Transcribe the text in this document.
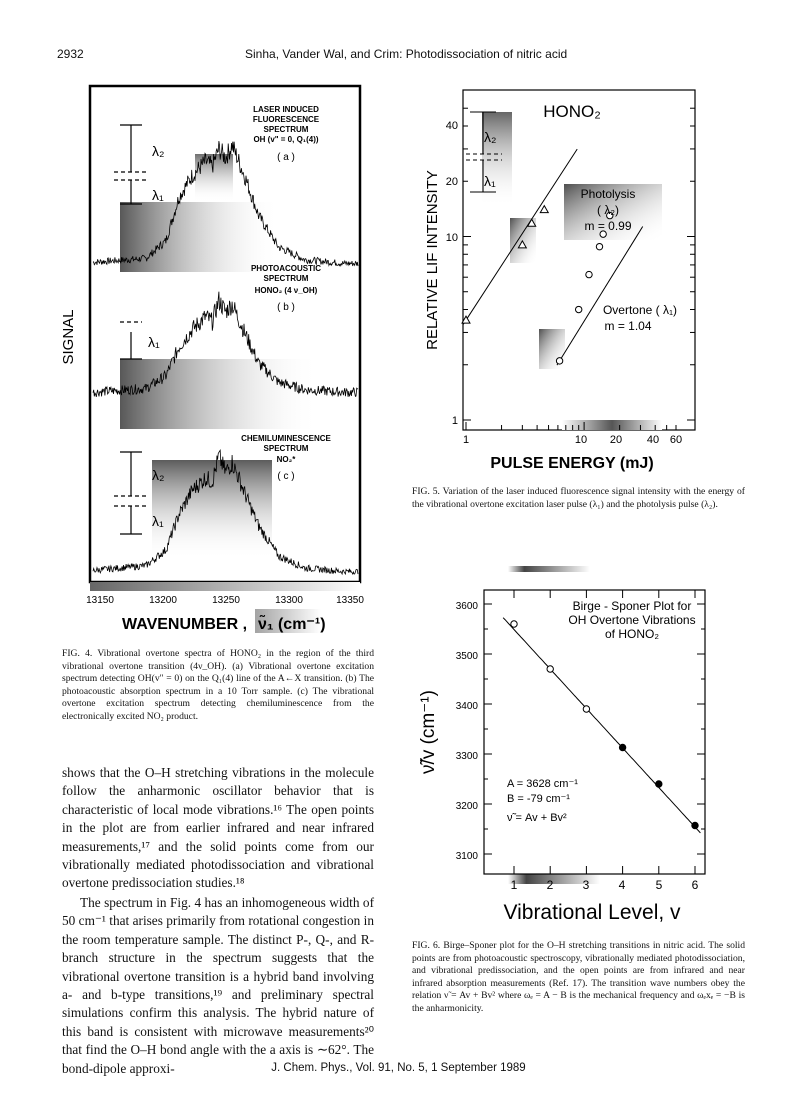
2932	Sinha, Vander Wal, and Crim: Photodissociation of nitric acid
SIGNAL
LASER INDUCED
FLUORESCENCE
SPECTRUM
OH (v" = 0, Q₁(4))
( a )
PHOTOACOUSTIC
SPECTRUM
HONO₂ (4 ν_OH)
( b )
CHEMILUMINESCENCE
SPECTRUM
NO₂*
( c )
λ₂
λ₁
λ₁
λ₂
λ₁
13150	13200	13250	13300	13350
WAVENUMBER , ν̃₁ (cm⁻¹)
FIG. 4. Vibrational overtone spectra of HONO₂ in the region of the third vibrational overtone transition (4ν_OH). (a) Vibrational overtone excitation spectrum detecting OH(v" = 0) on the Q₁(4) line of the A←X transition. (b) The photoacoustic absorption spectrum in a 10 Torr sample. (c) The vibrational overtone excitation spectrum detecting chemiluminescence from the electronically excited NO₂ product.
shows that the O–H stretching vibrations in the molecule follow the anharmonic oscillator behavior that is characteristic of local mode vibrations.¹⁶ The open points in the plot are from earlier infrared and near infrared measurements,¹⁷ and the solid points come from our vibrationally mediated photodissociation and vibrational overtone predissociation studies.¹⁸
The spectrum in Fig. 4 has an inhomogeneous width of 50 cm⁻¹ that arises primarily from rotational congestion in the room temperature sample. The distinct P-, Q-, and R-branch structure in the spectrum suggests that the vibrational overtone transition is a hybrid band involving a- and b-type transitions,¹⁹ and preliminary spectral simulations confirm this analysis. The hybrid nature of this band is consistent with microwave measurements²⁰ that find the O–H bond angle with the a axis is ∼62°. The bond-dipole approxi-
HONO₂
RELATIVE LIF INTENSITY
λ₂
λ₁
Photolysis
( λ₂)
m = 0.99
Overtone ( λ₁)
m = 1.04
1
10
20
40
1	10 20 40 60
PULSE ENERGY (mJ)
FIG. 5. Variation of the laser induced fluorescence signal intensity with the energy of the vibrational overtone excitation laser pulse (λ₁) and the photolysis pulse (λ₂).
Birge - Sponer Plot for
OH Overtone Vibrations
of HONO₂
A = 3628 cm⁻¹
B = -79 cm⁻¹
ν̃ = Av + Bv²
ν̃/v (cm⁻¹)
3600
3500
3400
3300
3200
3100
1 2 3 4	5 6
Vibrational Level, v
FIG. 6. Birge–Sponer plot for the O–H stretching transitions in nitric acid. The solid points are from photoacoustic spectroscopy, vibrationally mediated photodissociation, and vibrational predissociation, and the open points are from infrared and near infrared absorption measurements (Ref. 17). The transition wave numbers obey the relation ν̃ = Av + Bv² where ωₑ = A − B is the mechanical frequency and ωₑxₑ = −B is the anharmonicity.
J. Chem. Phys., Vol. 91, No. 5, 1 September 1989
